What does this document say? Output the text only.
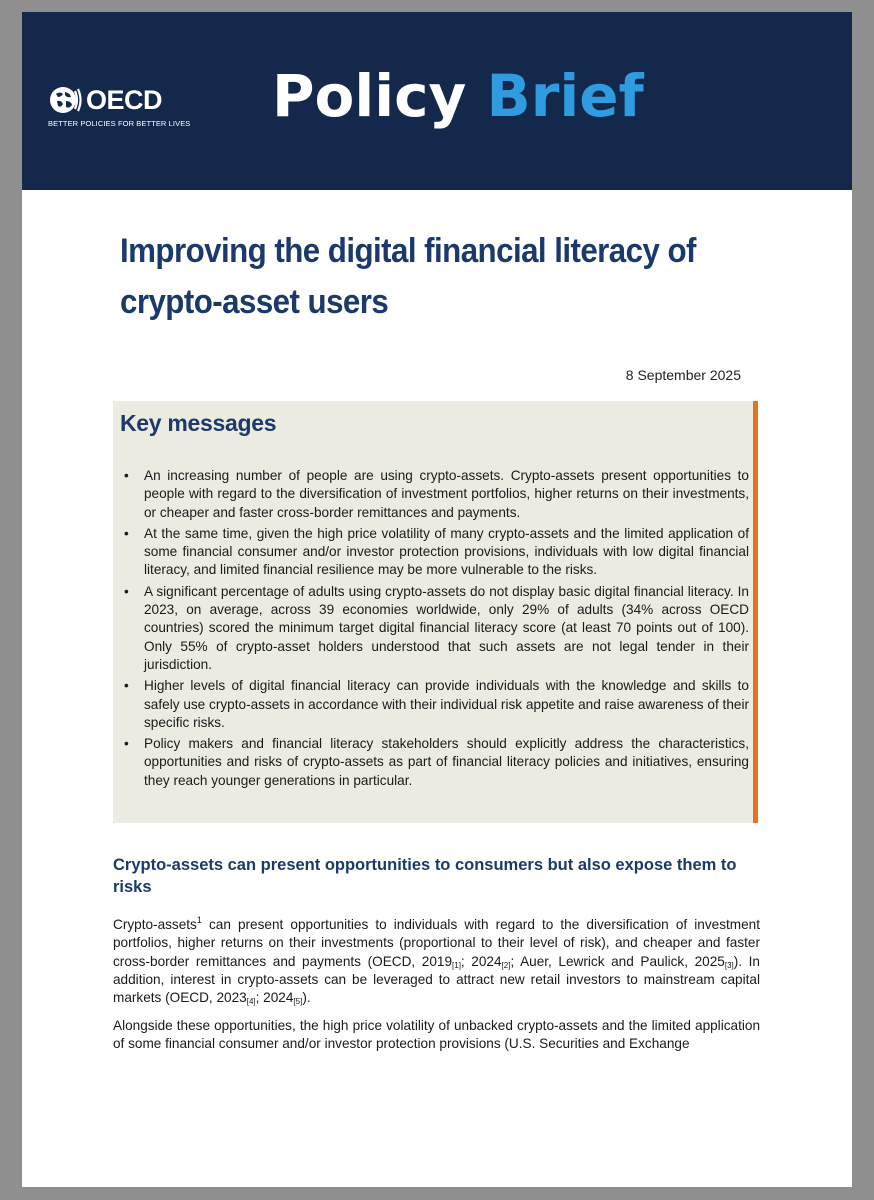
OECD
BETTER POLICIES FOR BETTER LIVES Policy Brief
Improving the digital financial literacy of crypto-asset users
8 September 2025
Key messages
• An increasing number of people are using crypto-assets. Crypto-assets present opportunities to people with regard to the diversification of investment portfolios, higher returns on their investments, or cheaper and faster cross-border remittances and payments.
• At the same time, given the high price volatility of many crypto-assets and the limited application of some financial consumer and/or investor protection provisions, individuals with low digital financial literacy, and limited financial resilience may be more vulnerable to the risks.
• A significant percentage of adults using crypto-assets do not display basic digital financial literacy. In 2023, on average, across 39 economies worldwide, only 29% of adults (34% across OECD countries) scored the minimum target digital financial literacy score (at least 70 points out of 100). Only 55% of crypto-asset holders understood that such assets are not legal tender in their jurisdiction.
• Higher levels of digital financial literacy can provide individuals with the knowledge and skills to safely use crypto-assets in accordance with their individual risk appetite and raise awareness of their specific risks.
• Policy makers and financial literacy stakeholders should explicitly address the characteristics, opportunities and risks of crypto-assets as part of financial literacy policies and initiatives, ensuring they reach younger generations in particular.
Crypto-assets can present opportunities to consumers but also expose them to risks

Crypto-assets$^1$ can present opportunities to individuals with regard to the diversification of investment portfolios, higher returns on their investments (proportional to their level of risk), and cheaper and faster cross-border remittances and payments (OECD, $2019_{[1]}$; $2024_{[2]}$; Auer, Lewrick and Paulick, $2025_{[3]}$). In addition, interest in crypto-assets can be leveraged to attract new retail investors to mainstream capital markets (OECD, $2023_{[4]}$; $2024_{[5]}$).

Alongside these opportunities, the high price volatility of unbacked crypto-assets and the limited application of some financial consumer and/or investor protection provisions (U.S. Securities and Exchange
